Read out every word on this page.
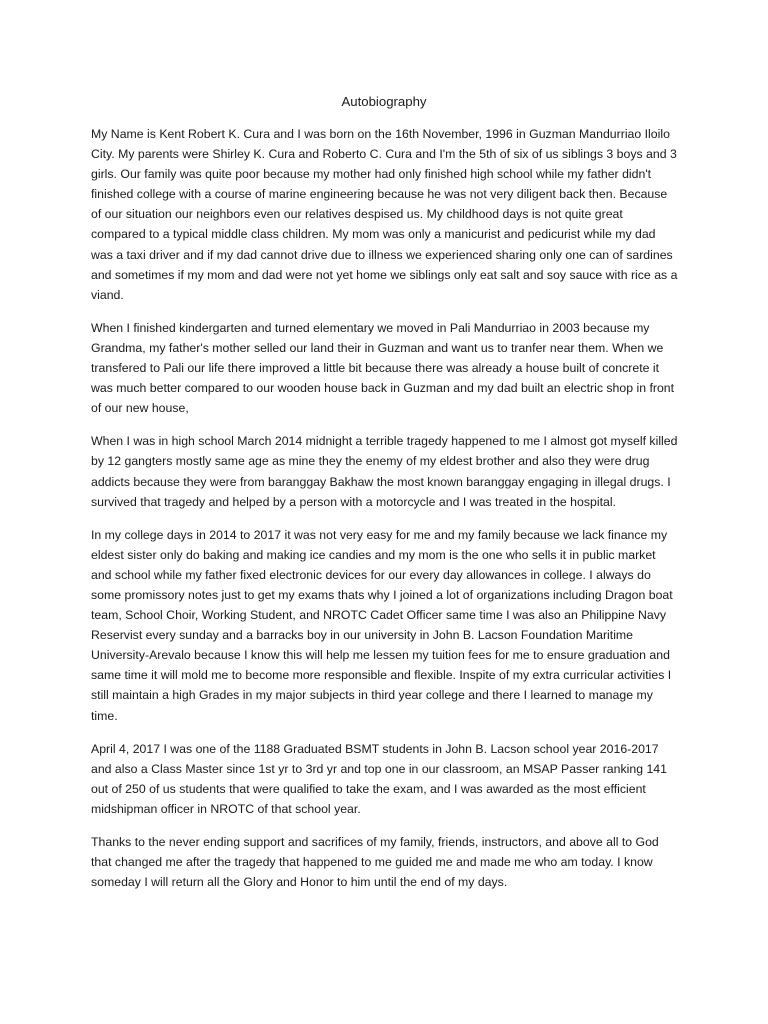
Autobiography

My Name is Kent Robert K. Cura and I was born on the 16th November, 1996 in Guzman Mandurriao Iloilo City. My parents were Shirley K. Cura and Roberto C. Cura and I'm the 5th of six of us siblings 3 boys and 3 girls. Our family was quite poor because my mother had only finished high school while my father didn't finished college with a course of marine engineering because he was not very diligent back then. Because of our situation our neighbors even our relatives despised us. My childhood days is not quite great compared to a typical middle class children. My mom was only a manicurist and pedicurist while my dad was a taxi driver and if my dad cannot drive due to illness we experienced sharing only one can of sardines and sometimes if my mom and dad were not yet home we siblings only eat salt and soy sauce with rice as a viand.

When I finished kindergarten and turned elementary we moved in Pali Mandurriao in 2003 because my Grandma, my father's mother selled our land their in Guzman and want us to tranfer near them. When we transfered to Pali our life there improved a little bit because there was already a house built of concrete it was much better compared to our wooden house back in Guzman and my dad built an electric shop in front of our new house,

When I was in high school March 2014 midnight a terrible tragedy happened to me I almost got myself killed by 12 gangters mostly same age as mine they the enemy of my eldest brother and also they were drug addicts because they were from baranggay Bakhaw the most known baranggay engaging in illegal drugs. I survived that tragedy and helped by a person with a motorcycle and I was treated in the hospital.

In my college days in 2014 to 2017 it was not very easy for me and my family because we lack finance my eldest sister only do baking and making ice candies and my mom is the one who sells it in public market and school while my father fixed electronic devices for our every day allowances in college. I always do some promissory notes just to get my exams thats why I joined a lot of organizations including Dragon boat team, School Choir, Working Student, and NROTC Cadet Officer same time I was also an Philippine Navy Reservist every sunday and a barracks boy in our university in John B. Lacson Foundation Maritime University-Arevalo because I know this will help me lessen my tuition fees for me to ensure graduation and same time it will mold me to become more responsible and flexible. Inspite of my extra curricular activities I still maintain a high Grades in my major subjects in third year college and there I learned to manage my time.

April 4, 2017 I was one of the 1188 Graduated BSMT students in John B. Lacson school year 2016-2017 and also a Class Master since 1st yr to 3rd yr and top one in our classroom, an MSAP Passer ranking 141 out of 250 of us students that were qualified to take the exam, and I was awarded as the most efficient midshipman officer in NROTC of that school year.

Thanks to the never ending support and sacrifices of my family, friends, instructors, and above all to God that changed me after the tragedy that happened to me guided me and made me who am today. I know someday I will return all the Glory and Honor to him until the end of my days.
